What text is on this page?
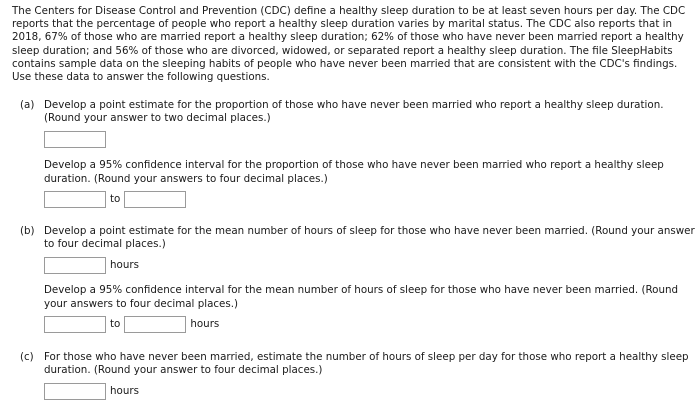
The Centers for Disease Control and Prevention (CDC) define a healthy sleep duration to be at least seven hours per day. The CDC reports that the percentage of people who report a healthy sleep duration varies by marital status. The CDC also reports that in 2018, 67% of those who are married report a healthy sleep duration; 62% of those who have never been married report a healthy sleep duration; and 56% of those who are divorced, widowed, or separated report a healthy sleep duration. The file SleepHabits contains sample data on the sleeping habits of people who have never been married that are consistent with the CDC's findings. Use these data to answer the following questions.

(a) Develop a point estimate for the proportion of those who have never been married who report a healthy sleep duration. (Round your answer to two decimal places.)

Develop a 95% confidence interval for the proportion of those who have never been married who report a healthy sleep duration. (Round your answers to four decimal places.)

to
(b) Develop a point estimate for the mean number of hours of sleep for those who have never been married. (Round your answer to four decimal places.)

hours

Develop a 95% confidence interval for the mean number of hours of sleep for those who have never been married. (Round your answers to four decimal places.)

to	hours
(c) For those who have never been married, estimate the number of hours of sleep per day for those who report a healthy sleep duration. (Round your answer to four decimal places.)

hours
